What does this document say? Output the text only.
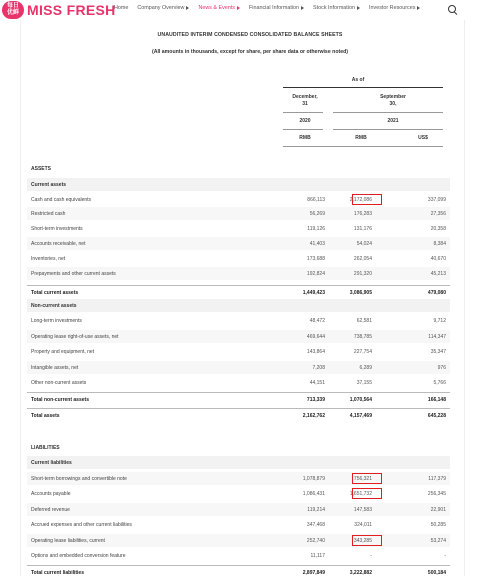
每日
优鲜 MISS FRESH
Home Company Overview	News & Events	Financial Information	Stock Information	Investor Resources
UNAUDITED INTERIM CONDENSED CONSOLIDATED BALANCE SHEETS
(All amounts in thousands, except for share, per share data or otherwise noted)
As of
December,
31
September
30,
2020	2021
RMB	RMB	US$
ASSETS
Current assets
Cash and cash equivalents	866,113	2,172,086	337,099
Restricted cash	56,269	176,283	27,356
Short-term investments	119,126	131,176	20,358
Accounts receivable, net	41,403	54,024	8,384
Inventories, net	173,688	262,054	40,670
Prepayments and other current assets	192,824	291,320	45,213
Total current assets	1,449,423	3,086,905	479,080
Non-current assets
Long-term investments	48,472	62,581	9,712
Operating lease right-of-use assets, net	469,644	738,785	114,347
Property and equipment, net	143,864	227,754	35,347
Intangible assets, net	7,208	6,289	976
Other non-current assets	44,151	37,155	5,766
Total non-current assets	713,339	1,070,564	166,148
Total assets	2,162,762	4,157,469	645,228
LIABILITIES
Current liabilities
Short-term borrowings and convertible note	1,078,879	756,321	117,379
Accounts payable	1,086,431	1,651,732	256,345
Deferred revenue	119,214	147,583	22,901
Accrued expenses and other current liabilities	347,468	324,011	50,285
Operating lease liabilities, current	252,740	343,285	53,274
Options and embedded conversion feature	11,117	-	-
Total current liabilities	2,897,849	3,222,882	500,184
